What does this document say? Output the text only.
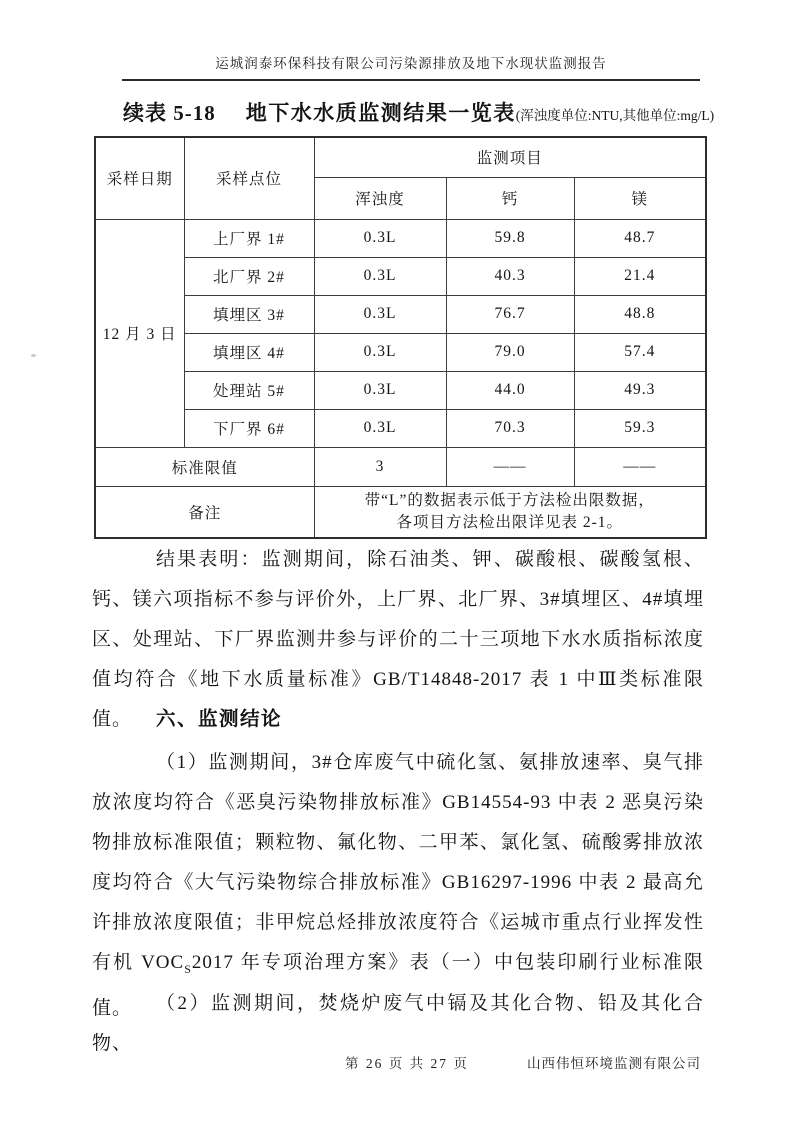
运城润泰环保科技有限公司污染源排放及地下水现状监测报告
续表 5-18 地下水水质监测结果一览表(浑浊度单位:NTU,其他单位:mg/L)
采样日期	采样点位	监测项目		
		浑浊度	钙	镁
12 月 3 日	上厂界 1#	0.3L	59.8	48.7
	北厂界 2#	0.3L	40.3	21.4
	填埋区 3#	0.3L	76.7	48.8
	填埋区 4#	0.3L	79.0	57.4
	处理站 5#	0.3L	44.0	49.3
	下厂界 6#	0.3L	70.3	59.3
标准限值		3	——	——
备注		带“L”的数据表示低于方法检出限数据，
各项目方法检出限详见表 2-1。		

结果表明：监测期间，除石油类、钾、碳酸根、碳酸氢根、钙、镁六项指标不参与评价外，上厂界、北厂界、3#填埋区、4#填埋区、处理站、下厂界监测井参与评价的二十三项地下水水质指标浓度值均符合《地下水质量标准》GB/T14848-2017 表 1 中Ⅲ类标准限值。	六、监测结论

（1）监测期间，3#仓库废气中硫化氢、氨排放速率、臭气排放浓度均符合《恶臭污染物排放标准》GB14554-93 中表 2 恶臭污染物排放标准限值；颗粒物、氟化物、二甲苯、氯化氢、硫酸雾排放浓度均符合《大气污染物综合排放标准》GB16297-1996 中表 2 最高允许排放浓度限值；非甲烷总烃排放浓度符合《运城市重点行业挥发性有机 $VOC_S2017$ 年专项治理方案》表（一）中包装印刷行业标准限值。	（2）监测期间，焚烧炉废气中镉及其化合物、铅及其化合物、

第 26 页 共 27 页	山西伟恒环境监测有限公司
